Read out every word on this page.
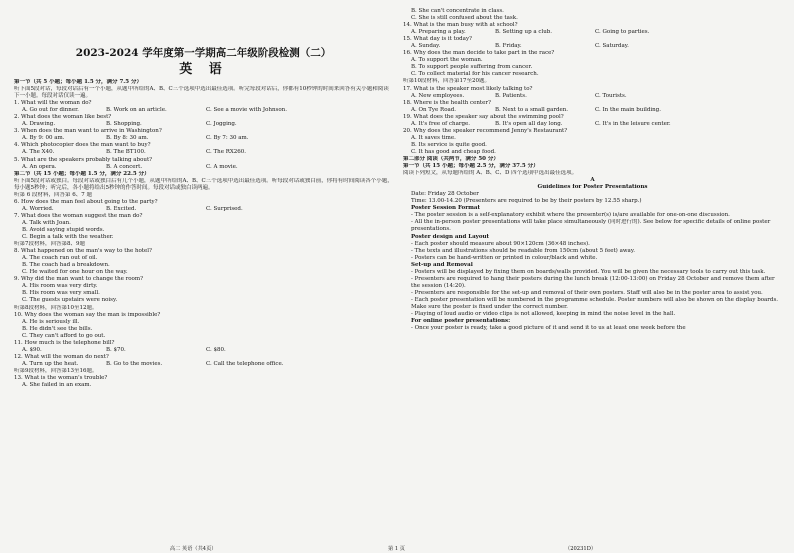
2023-2024 学年度第一学期高二年级阶段检测（二）
英 语
第一节（共 5 小题；每小题 1.5 分，满分 7.5 分）
听下面5段对话，每段对话后有一个小题，从题中所给的A、B、C三个选项中选出最佳选项。听完每段对话后，你都有10秒钟的时间来回答有关小题和阅读下一小题。每段对话仅读一遍。
1. What will the woman do?
A. Go out for dinner.	B. Work on an article.	C. See a movie with Johnson.
2. What does the woman like best?
A. Drawing.	B. Shopping.	C. Jogging.
3. When does the man want to arrive in Washington?
A. By 9: 00 am.	B. By 8: 30 am.	C. By 7: 30 am.
4. Which photocopier does the man want to buy?
A. The X40.	B. The BT100.	C. The RX260.
5. What are the speakers probably talking about?
A. An opera.	B. A concert.	C. A movie.
第二节（共 15 小题；每小题 1.5 分，满分 22.5 分）
听下面5段对话或独白。每段对话或独白后有几个小题，从题中所给的A、B、C三个选项中选出最佳选项。听每段对话或独白前，你将有时间阅读各个小题，每小题5秒钟；听完后，各小题将给出5秒钟的作答时间。每段对话或独白读两遍。
听第 6 段材料，回答第 6、7 题
6. How does the man feel about going to the party?
A. Worried.	B. Excited.	C. Surprised.
7. What does the woman suggest the man do?
A. Talk with Joan.
B. Avoid saying stupid words.
C. Begin a talk with the weather.
听第7段材料，回答第8、9题
8. What happened on the man's way to the hotel?
A. The coach ran out of oil.
B. The coach had a breakdown.
C. He waited for one hour on the way.
9. Why did the man want to change the room?
A. His room was very dirty.
B. His room was very small.
C. The guests upstairs were noisy.
听第8段材料，回答第10至12题。
10. Why does the woman say the man is impossible?
A. He is seriously ill.
B. He didn't see the bills.
C. They can't afford to go out.
11. How much is the telephone bill?
A. $90.	B. $70.	C. $80.
12. What will the woman do next?
A. Turn up the heat.	B. Go to the movies.	C. Call the telephone office.
听第9段材料，回答第13至16题。
13. What is the woman's trouble?
A. She failed in an exam.
B. She can't concentrate in class.
C. She is still confused about the task.
14. What is the man busy with at school?
A. Preparing a play.	B. Setting up a club.	C. Going to parties.
15. What day is it today?
A. Sunday.	B. Friday.	C. Saturday.
16. Why does the man decide to take part in the race?
A. To support the woman.
B. To support people suffering from cancer.
C. To collect material for his cancer research.
听第10段材料，回答第17至20题。
17. What is the speaker most likely talking to?
A. New employees.	B. Patients.	C. Tourists.
18. Where is the health center?
A. On Tye Road.	B. Next to a small garden.	C. In the main building.
19. What does the speaker say about the swimming pool?
A. It's free of charge.	B. It's open all day long.	C. It's in the leisure center.
20. Why does the speaker recommend Jenny's Restaurant?
A. It saves time.
B. Its service is quite good.
C. It has good and cheap food.
第二部分 阅读（共两节，满分 50 分）
第一节（共 15 小题；每小题 2.5 分，满分 37.5 分）
阅读下列短文，从每题所给的 A、B、C、D 四个选项中选出最佳选项。
A
Guidelines for Poster Presentations
Date: Friday 28 October
Time: 13.00-14.20 (Presenters are required to be by their posters by 12.55 sharp.)
Poster Session Format
- The poster session is a self-explanatory exhibit where the presenter(s) is/are available for one-on-one discussion.
- All the in-person poster presentations will take place simultaneously (同时进行的). See below for specific details of online poster presentations.
Poster design and Layout
- Each poster should measure about 90×120cm (36×48 inches).
- The texts and illustrations should be readable from 150cm (about 5 feet) away.
- Posters can be hand-written or printed in colour/black and white.
Set-up and Removal
- Posters will be displayed by fixing them on boards/walls provided. You will be given the necessary tools to carry out this task.
- Presenters are required to hang their posters during the lunch break (12:00-13:00) on Friday 28 October and remove them after the session (14:20).
- Presenters are responsible for the set-up and removal of their own posters. Staff will also be in the poster area to assist you.
- Each poster presentation will be numbered in the programme schedule. Poster numbers will also be shown on the display boards. Make sure the poster is fixed under the correct number.
- Playing of loud audio or video clips is not allowed, keeping in mind the noise level in the hall.
For online poster presentations:
- Once your poster is ready, take a good picture of it and send it to us at least one week before the
高二 英语（共4页）	第 1 页	（20231D）
